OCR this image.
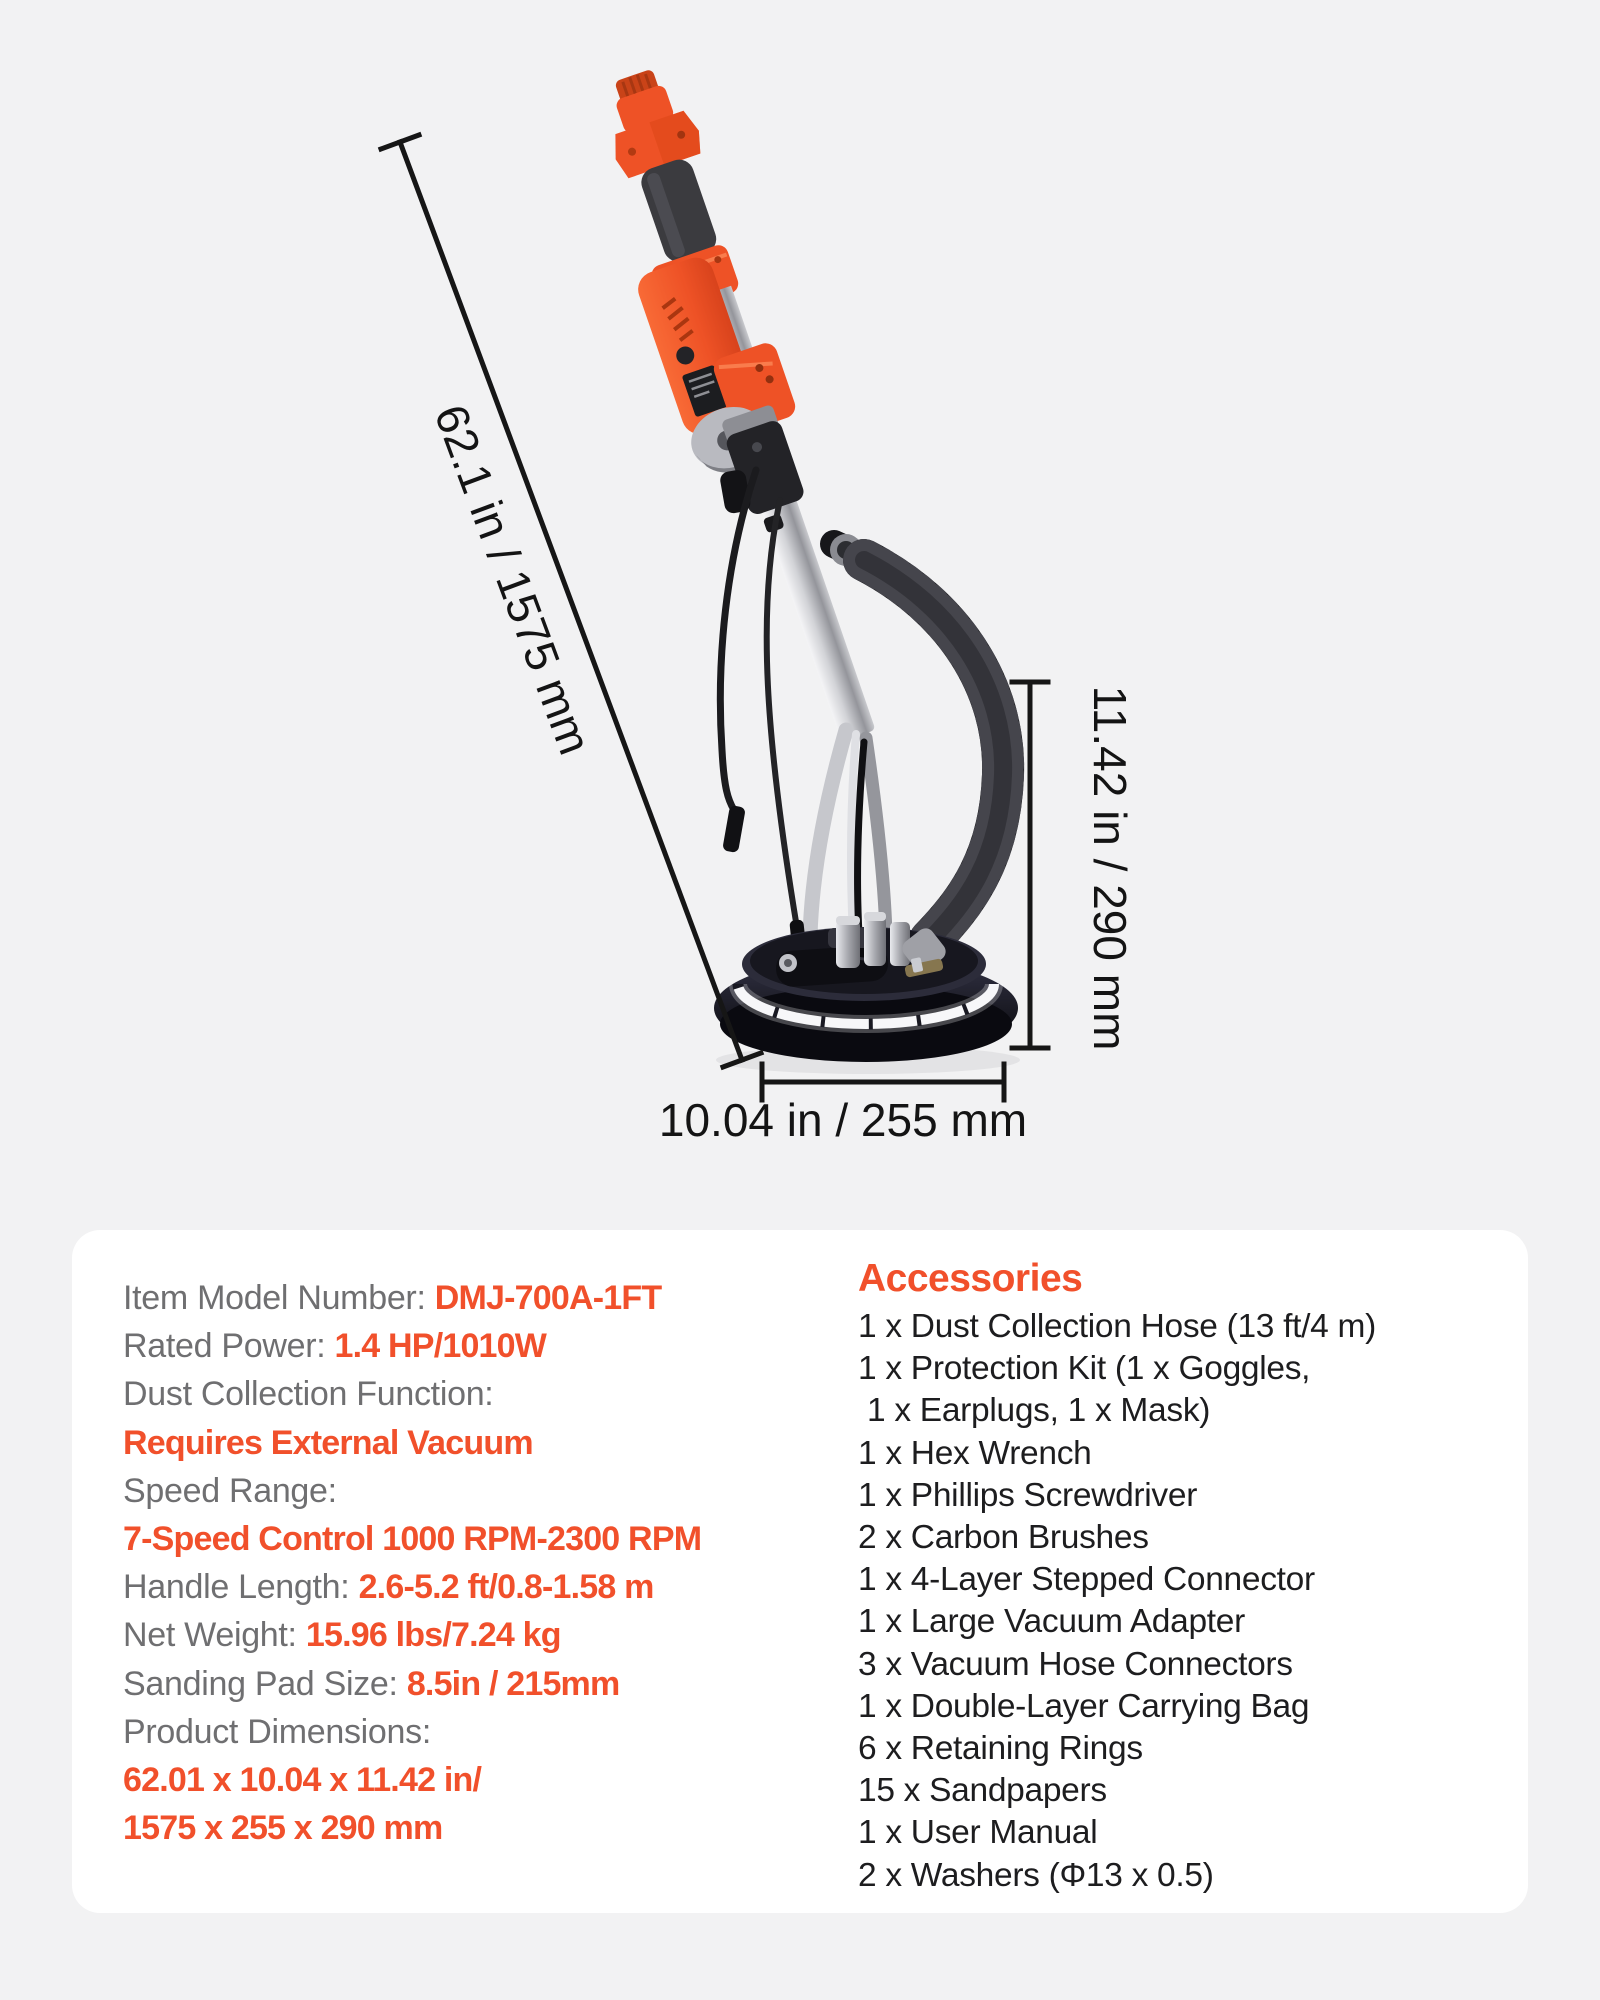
62.1 in / 1575 mm
11.42 in / 290 mm
10.04 in / 255 mm
Item Model Number: DMJ-700A-1FT
Rated Power: 1.4 HP/1010W
Dust Collection Function:
Requires External Vacuum
Speed Range:
7-Speed Control 1000 RPM-2300 RPM
Handle Length: 2.6-5.2 ft/0.8-1.58 m
Net Weight: 15.96 lbs/7.24 kg
Sanding Pad Size: 8.5in / 215mm
Product Dimensions:
62.01 x 10.04 x 11.42 in/
1575 x 255 x 290 mm
Accessories
1 x Dust Collection Hose (13 ft/4 m)
1 x Protection Kit (1 x Goggles,
1 x Earplugs, 1 x Mask)
1 x Hex Wrench
1 x Phillips Screwdriver
2 x Carbon Brushes
1 x 4-Layer Stepped Connector
1 x Large Vacuum Adapter
3 x Vacuum Hose Connectors
1 x Double-Layer Carrying Bag
6 x Retaining Rings
15 x Sandpapers
1 x User Manual
2 x Washers (Φ13 x 0.5)
